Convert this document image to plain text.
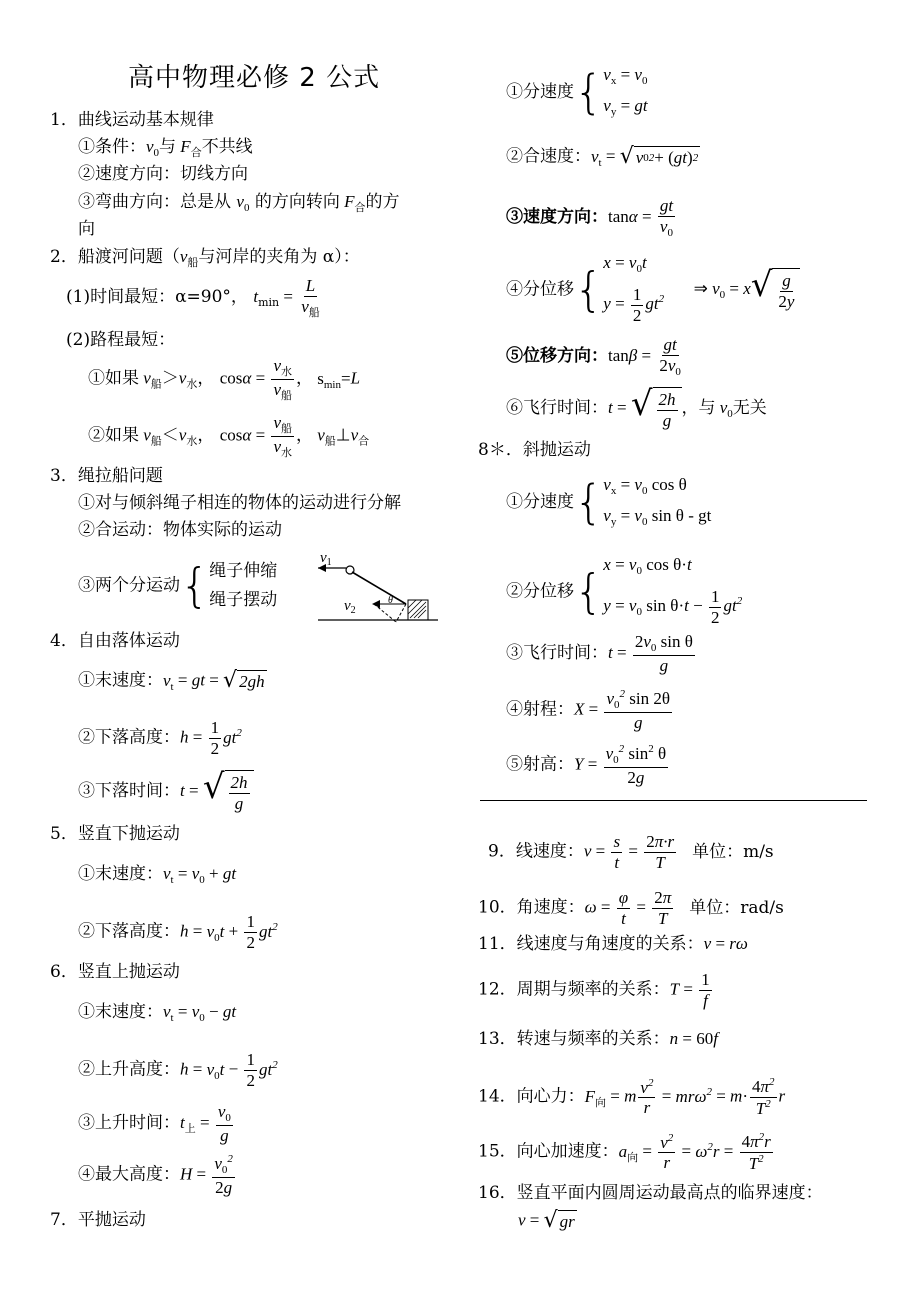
高中物理必修 2 公式
1．曲线运动基本规律
①条件：$v_0$与 $F_合$不共线
②速度方向：切线方向
③弯曲方向：总是从 $v_0$ 的方向转向 $F_合$的方
向
2．船渡河问题（$v_船$与河岸的夹角为 α）：
(1)时间最短：α=90°， $t_{min} = \frac{L}{v_船}$
(2)路程最短：
①如果 $v_船>v_水$， $\cos\alpha = \frac{v_水}{v_船}$ ， $s_{min}=L$
②如果 $v_船<v_水$， $\cos\alpha = \frac{v_船}{v_水}$ ， $v_船\perp v_合$
3．绳拉船问题
①对与倾斜绳子相连的物体的运动进行分解
②合运动：物体实际的运动
③两个分运动{ 绳子伸缩
绳子摆动
$v_1$
$v_2$
θ
4．自由落体运动
①末速度：$v_t$ = gt = √ 2gh
②下落高度：$h = \frac{1}{2} gt^2$
③下落时间：t = √ $\frac{2h}{g}$
5．竖直下抛运动
①末速度：$v_t = v_0$ + gt
②下落高度：$h = v_0t + \frac{1}{2} gt^2$
6．竖直上抛运动
①末速度：$v_t = v_0$ − gt
②上升高度：$h = v_0t - \frac{1}{2} gt^2$
③上升时间：$t_上 = \frac{v_0}{g}$
④最大高度：$H = \frac{v_0^2}{2g}$
7．平抛运动
①分速度{ $v_x = v_0$
$v_y$ = gt
②合速度：$v_t$ = √ v 0 2 + ( gt ) 2
③速度方向：$\tan\alpha = \frac{gt}{v_0}$
④分位移{
$x = v_0t$
$y = \frac{1}{2} gt^2$
⇒ $v_0 = x$ √ $\frac{g}{2y}$
⑤位移方向：$\tan\beta = \frac{gt}{2v_0}$
⑥飞行时间：t = √ $\frac{2h}{g}$ ，与 $v_0$无关
8＊．斜抛运动
①分速度{ $v_x = v_0$ cos θ
$v_y = v_0$ sin θ - gt
②分位移{
$x = v_0$ cos θ·t
$y = v_0$ $\sin \theta\cdot t - \frac{1}{2} gt^2$
③飞行时间：$t = \frac{2v_0 \sin \theta}{g}$
④射程：$X = \frac{v_0^2 \sin 2\theta}{g}$
⑤射高：$Y = \frac{v_0^2 \sin^2 \theta}{2g}$
9．线速度：$v = \frac{s}{t} = \frac{2\pi\cdot r}{T}$ 单位：m/s
10．角速度：$\omega = \frac{\varphi}{t} = \frac{2\pi}{T}$ 单位：rad/s
11．线速度与角速度的关系：v = rω
12．周期与频率的关系：$T = \frac{1}{f}$
13．转速与频率的关系：n = 60f
14．向心力：$F_向 = m \frac{v^2}{r} = mr\omega^2 = m\cdot \frac{4\pi^2}{T^2}$ r
15．向心加速度：$a_向 = \frac{v^2}{r} = \omega^2r = \frac{4\pi^2r}{T^2}$
16．竖直平面内圆周运动最高点的临界速度：
v = √ gr
